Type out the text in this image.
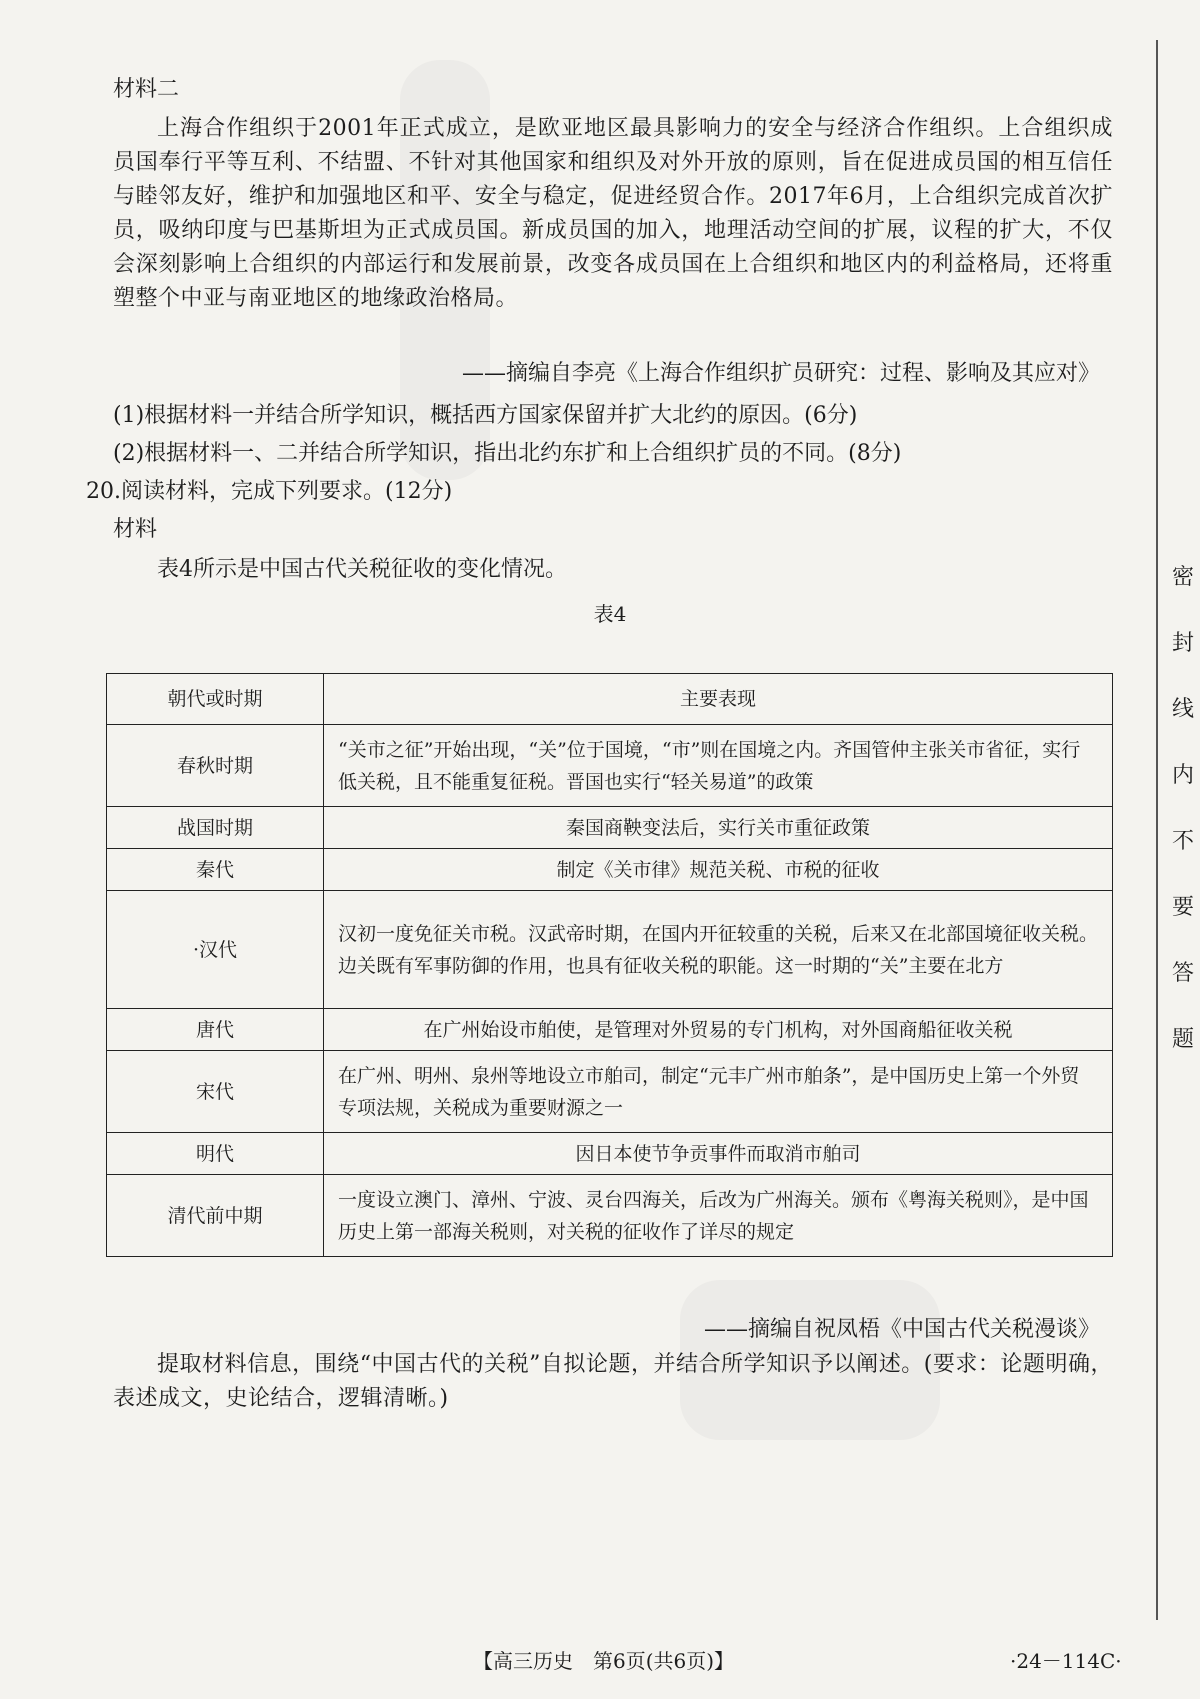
材料二

上海合作组织于2001年正式成立，是欧亚地区最具影响力的安全与经济合作组织。上合组织成员国奉行平等互利、不结盟、不针对其他国家和组织及对外开放的原则，旨在促进成员国的相互信任与睦邻友好，维护和加强地区和平、安全与稳定，促进经贸合作。2017年6月，上合组织完成首次扩员，吸纳印度与巴基斯坦为正式成员国。新成员国的加入，地理活动空间的扩展，议程的扩大，不仅会深刻影响上合组织的内部运行和发展前景，改变各成员国在上合组织和地区内的利益格局，还将重塑整个中亚与南亚地区的地缘政治格局。

——摘编自李亮《上海合作组织扩员研究：过程、影响及其应对》
(1)根据材料一并结合所学知识，概括西方国家保留并扩大北约的原因。(6分)
(2)根据材料一、二并结合所学知识，指出北约东扩和上合组织扩员的不同。(8分)
20.阅读材料，完成下列要求。(12分)
材料
表4所示是中国古代关税征收的变化情况。
表4
朝代或时期	主要表现
春秋时期	“关市之征”开始出现，“关”位于国境，“市”则在国境之内。齐国管仲主张关市省征，实行低关税，且不能重复征税。晋国也实行“轻关易道”的政策
战国时期	秦国商鞅变法后，实行关市重征政策
秦代	制定《关市律》规范关税、市税的征收
·汉代	汉初一度免征关市税。汉武帝时期，在国内开征较重的关税，后来又在北部国境征收关税。边关既有军事防御的作用，也具有征收关税的职能。这一时期的“关”主要在北方
唐代	在广州始设市舶使，是管理对外贸易的专门机构，对外国商船征收关税
宋代	在广州、明州、泉州等地设立市舶司，制定“元丰广州市舶条”，是中国历史上第一个外贸专项法规，关税成为重要财源之一
明代	因日本使节争贡事件而取消市舶司
清代前中期	一度设立澳门、漳州、宁波、灵台四海关，后改为广州海关。颁布《粤海关税则》，是中国历史上第一部海关税则，对关税的征收作了详尽的规定
——摘编自祝凤梧《中国古代关税漫谈》

提取材料信息，围绕“中国古代的关税”自拟论题，并结合所学知识予以阐述。(要求：论题明确，表述成文，史论结合，逻辑清晰。)

密
封
线
内
不
要
答
题
【高三历史　第6页(共6页)】	·24－114C·
